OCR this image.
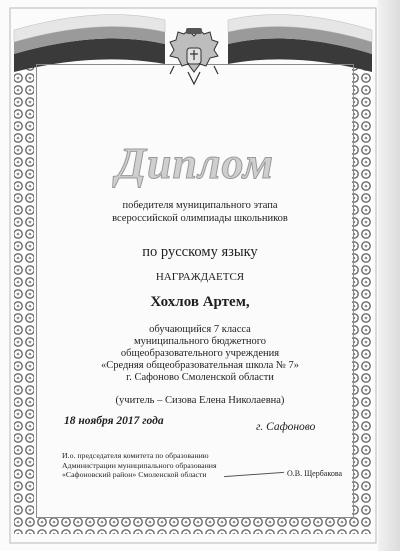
Диплом
победителя муниципального этапа
всероссийской олимпиады школьников
по русскому языку
НАГРАЖДАЕТСЯ
Хохлов Артем,
обучающийся 7 класса
муниципального бюджетного
общеобразовательного учреждения
«Средняя общеобразовательная школа № 7»
г. Сафоново Смоленской области
(учитель – Сизова Елена Николаевна)
18 ноября 2017 года	г. Сафоново
И.о. председателя комитета по образованию
Администрации муниципального образования
«Сафоновский район» Смоленской области	О.В. Щербакова
